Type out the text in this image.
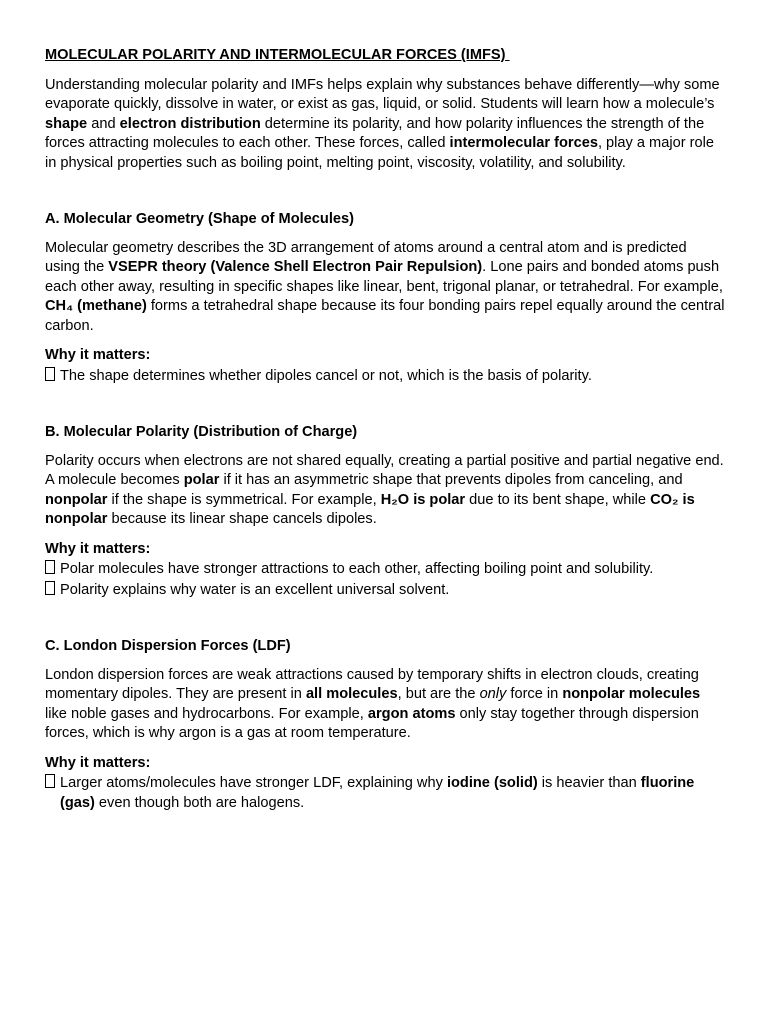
MOLECULAR POLARITY AND INTERMOLECULAR FORCES (IMFS)

Understanding molecular polarity and IMFs helps explain why substances behave differently—why some evaporate quickly, dissolve in water, or exist as gas, liquid, or solid. Students will learn how a molecule’s shape and electron distribution determine its polarity, and how polarity influences the strength of the forces attracting molecules to each other. These forces, called intermolecular forces, play a major role in physical properties such as boiling point, melting point, viscosity, volatility, and solubility.

A. Molecular Geometry (Shape of Molecules)

Molecular geometry describes the 3D arrangement of atoms around a central atom and is predicted using the VSEPR theory (Valence Shell Electron Pair Repulsion). Lone pairs and bonded atoms push each other away, resulting in specific shapes like linear, bent, trigonal planar, or tetrahedral. For example, CH₄ (methane) forms a tetrahedral shape because its four bonding pairs repel equally around the central carbon.

Why it matters:

The shape determines whether dipoles cancel or not, which is the basis of polarity.

B. Molecular Polarity (Distribution of Charge)

Polarity occurs when electrons are not shared equally, creating a partial positive and partial negative end. A molecule becomes polar if it has an asymmetric shape that prevents dipoles from canceling, and nonpolar if the shape is symmetrical. For example, H₂O is polar due to its bent shape, while CO₂ is nonpolar because its linear shape cancels dipoles.

Why it matters:

Polar molecules have stronger attractions to each other, affecting boiling point and solubility.
Polarity explains why water is an excellent universal solvent.

C. London Dispersion Forces (LDF)

London dispersion forces are weak attractions caused by temporary shifts in electron clouds, creating momentary dipoles. They are present in all molecules, but are the only force in nonpolar molecules like noble gases and hydrocarbons. For example, argon atoms only stay together through dispersion forces, which is why argon is a gas at room temperature.

Why it matters:

Larger atoms/molecules have stronger LDF, explaining why iodine (solid) is heavier than fluorine (gas) even though both are halogens.
